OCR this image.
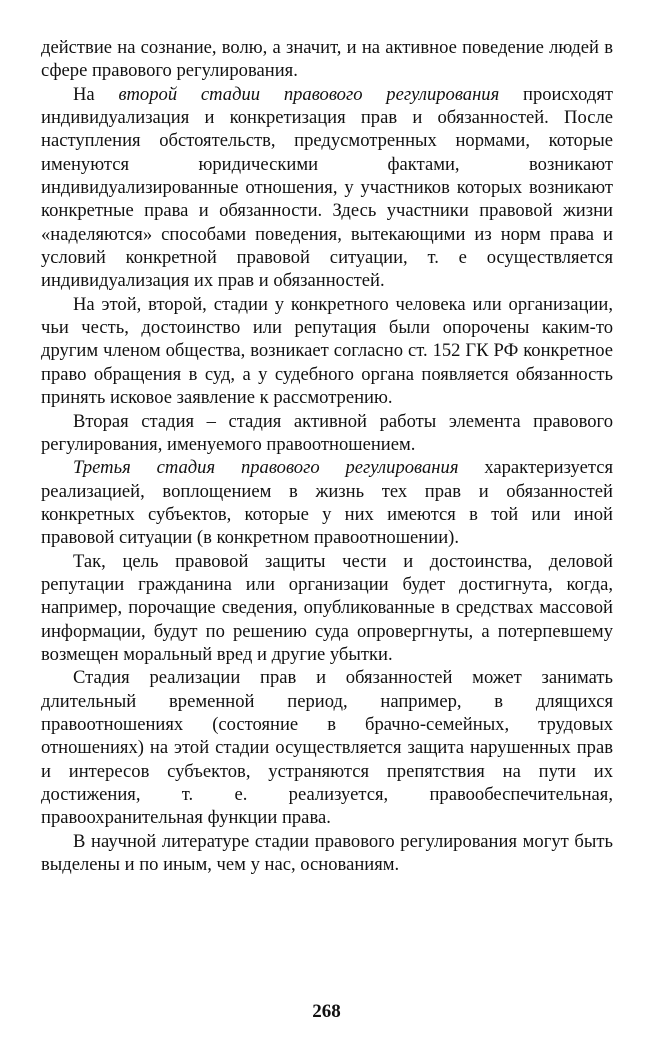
действие на сознание, волю, а значит, и на активное поведение людей в сфере правового регулирования.

На второй стадии правового регулирования происходят индивидуализация и конкретизация прав и обязанностей. После наступления обстоятельств, предусмотренных нормами, которые именуются юридическими фактами, возникают индивидуализированные отношения, у участников которых возникают конкретные права и обязанности. Здесь участники правовой жизни «наделяются» способами поведения, вытекающими из норм права и условий конкретной правовой ситуации, т. е осуществляется индивидуализация их прав и обязанностей.

На этой, второй, стадии у конкретного человека или организации, чьи честь, достоинство или репутация были опорочены каким-то другим членом общества, возникает согласно ст. 152 ГК РФ конкретное право обращения в суд, а у судебного органа появляется обязанность принять исковое заявление к рассмотрению.

Вторая стадия – стадия активной работы элемента правового регулирования, именуемого правоотношением.

Третья стадия правового регулирования характеризуется реализацией, воплощением в жизнь тех прав и обязанностей конкретных субъектов, которые у них имеются в той или иной правовой ситуации (в конкретном правоотношении).

Так, цель правовой защиты чести и достоинства, деловой репутации гражданина или организации будет достигнута, когда, например, порочащие сведения, опубликованные в средствах массовой информации, будут по решению суда опровергнуты, а потерпевшему возмещен моральный вред и другие убытки.

Стадия реализации прав и обязанностей может занимать длительный временной период, например, в длящихся правоотношениях (состояние в брачно-семейных, трудовых отношениях) на этой стадии осуществляется защита нарушенных прав и интересов субъектов, устраняются препятствия на пути их достижения, т. е. реализуется, правообеспечительная, правоохранительная функции права.

В научной литературе стадии правового регулирования могут быть выделены и по иным, чем у нас, основаниям.

268
